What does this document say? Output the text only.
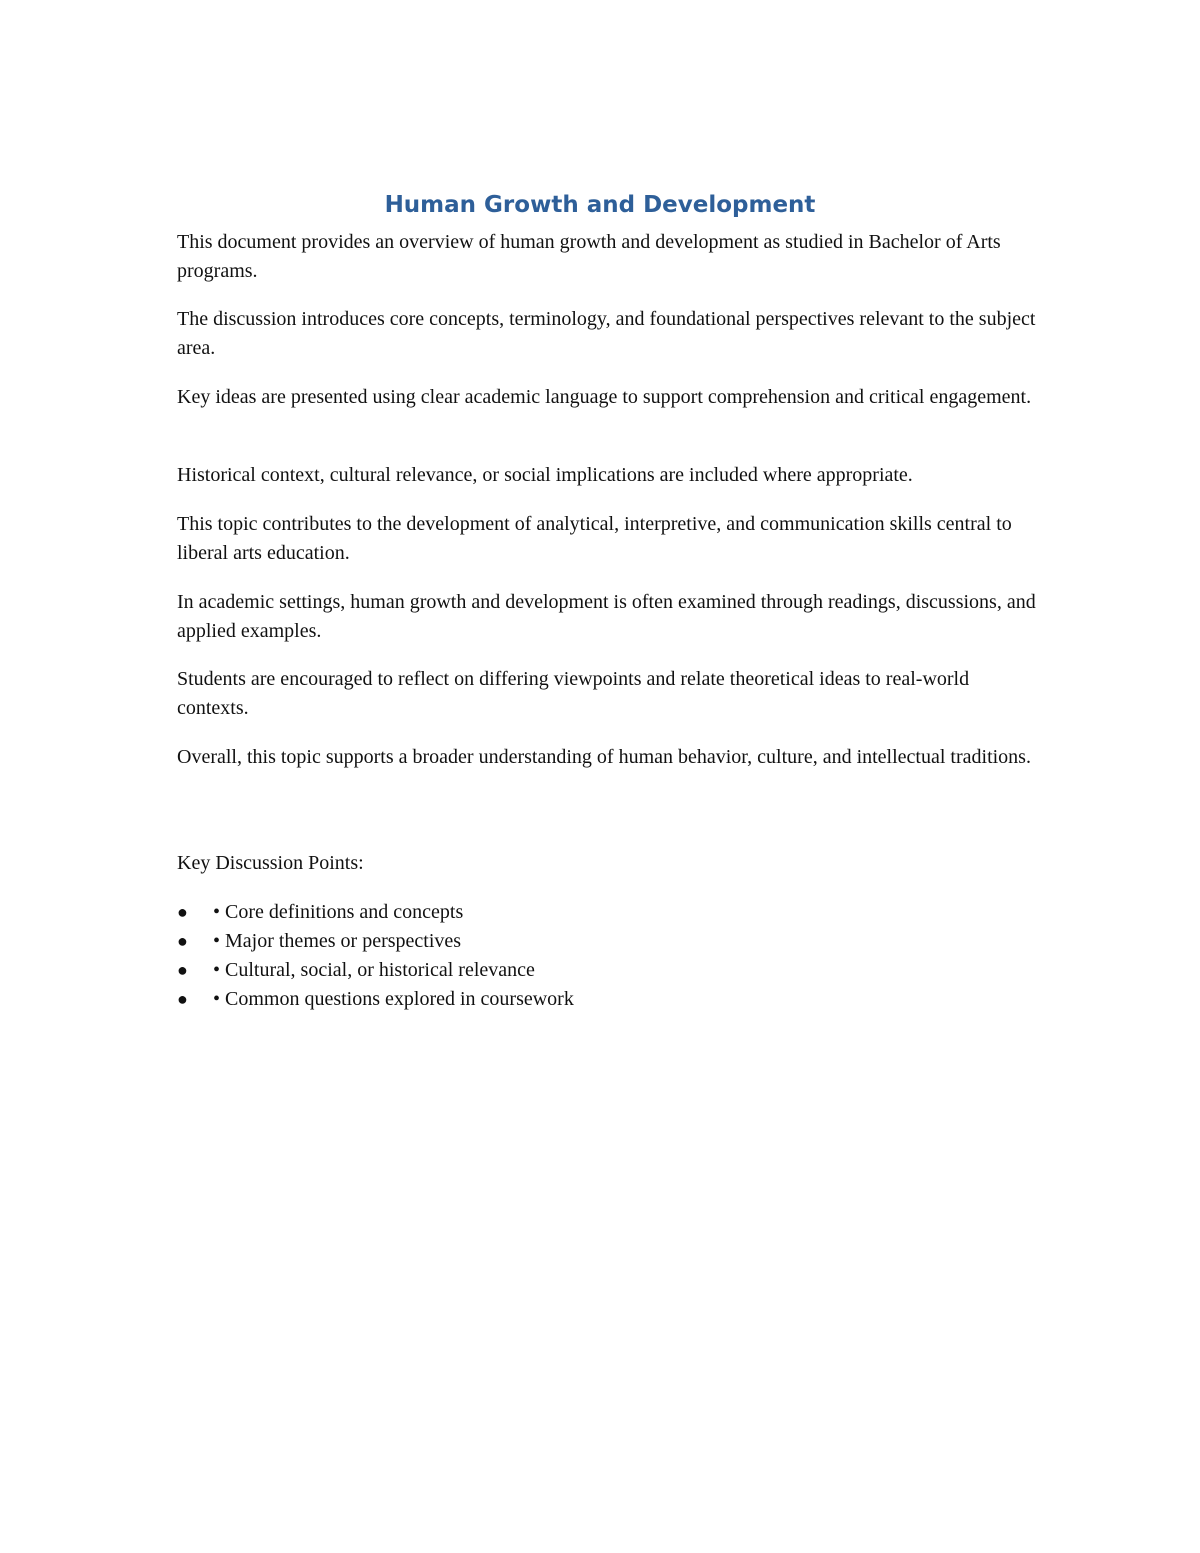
Human Growth and Development

This document provides an overview of human growth and development as studied in Bachelor of Arts programs.

The discussion introduces core concepts, terminology, and foundational perspectives relevant to the subject area.

Key ideas are presented using clear academic language to support comprehension and critical engagement.

Historical context, cultural relevance, or social implications are included where appropriate.

This topic contributes to the development of analytical, interpretive, and communication skills central to liberal arts education.

In academic settings, human growth and development is often examined through readings, discussions, and applied examples.

Students are encouraged to reflect on differing viewpoints and relate theoretical ideas to real-world contexts.

Overall, this topic supports a broader understanding of human behavior, culture, and intellectual traditions.

Key Discussion Points:

● • Core definitions and concepts
● • Major themes or perspectives
● • Cultural, social, or historical relevance
● • Common questions explored in coursework
